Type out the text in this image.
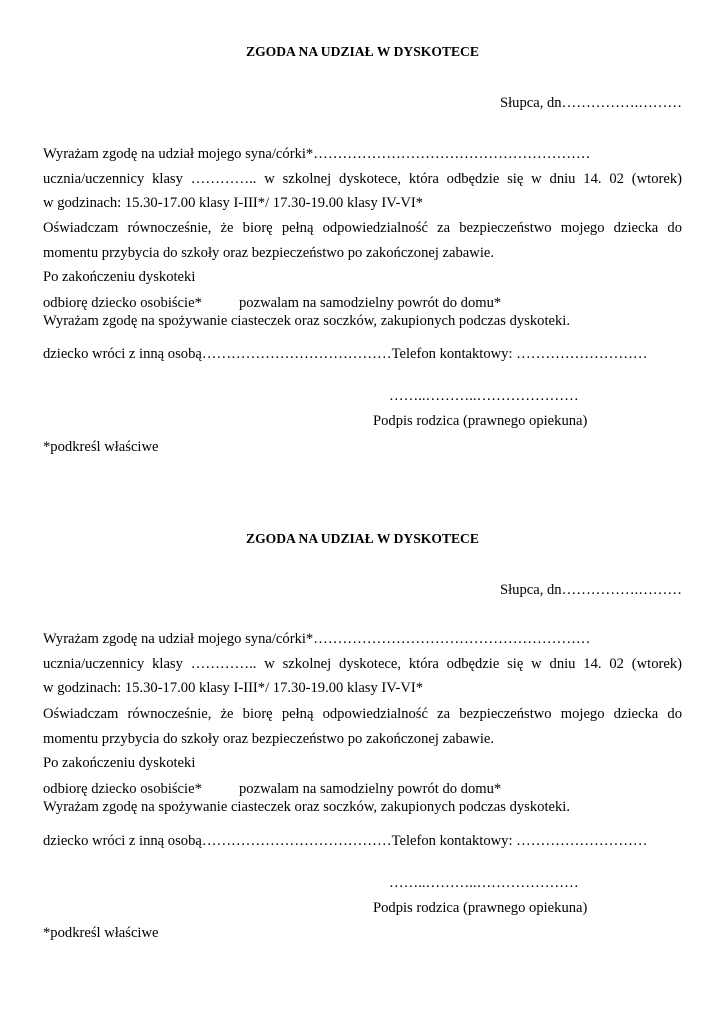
ZGODA NA UDZIAŁ W DYSKOTECE
Słupca, dn…………….………
Wyrażam zgodę na udział mojego syna/córki*…………………………………………………
ucznia/uczennicy klasy ………….. w szkolnej dyskotece, która odbędzie się w dniu 14. 02 (wtorek)
w godzinach: 15.30-17.00 klasy I-III*/ 17.30-19.00 klasy IV-VI*
Oświadczam równocześnie, że biorę pełną odpowiedzialność za bezpieczeństwo mojego dziecka do
momentu przybycia do szkoły oraz bezpieczeństwo po zakończonej zabawie.
Po zakończeniu dyskoteki
odbiorę dziecko osobiście*	pozwalam na samodzielny powrót do domu*
Wyrażam zgodę na spożywanie ciasteczek oraz soczków, zakupionych podczas dyskoteki.
dziecko wróci z inną osobą…………………………………Telefon kontaktowy: ………………………
……..………..…………………
Podpis rodzica (prawnego opiekuna)
*podkreśl właściwe
ZGODA NA UDZIAŁ W DYSKOTECE
Słupca, dn…………….………
Wyrażam zgodę na udział mojego syna/córki*…………………………………………………
ucznia/uczennicy klasy ………….. w szkolnej dyskotece, która odbędzie się w dniu 14. 02 (wtorek)
w godzinach: 15.30-17.00 klasy I-III*/ 17.30-19.00 klasy IV-VI*
Oświadczam równocześnie, że biorę pełną odpowiedzialność za bezpieczeństwo mojego dziecka do
momentu przybycia do szkoły oraz bezpieczeństwo po zakończonej zabawie.
Po zakończeniu dyskoteki
odbiorę dziecko osobiście*	pozwalam na samodzielny powrót do domu*
Wyrażam zgodę na spożywanie ciasteczek oraz soczków, zakupionych podczas dyskoteki.
dziecko wróci z inną osobą…………………………………Telefon kontaktowy: ………………………
……..………..…………………
Podpis rodzica (prawnego opiekuna)
*podkreśl właściwe
